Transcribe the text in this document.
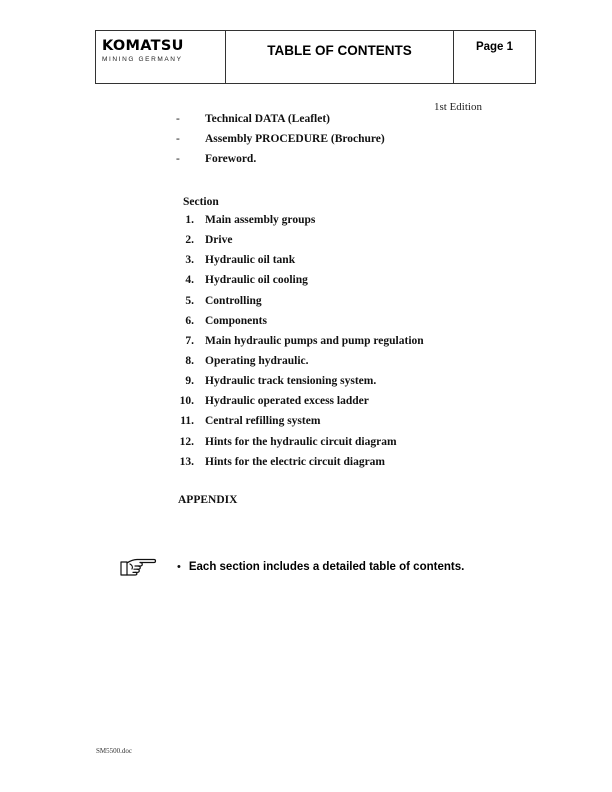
KOMATSU
MINING GERMANY
TABLE OF CONTENTS	Page 1
1st Edition
-	Technical DATA (Leaflet)
-	Assembly PROCEDURE (Brochure)
-	Foreword.
Section
1. Main assembly groups
2. Drive
3. Hydraulic oil tank
4. Hydraulic oil cooling
5. Controlling
6. Components
7. Main hydraulic pumps and pump regulation
8. Operating hydraulic.
9. Hydraulic track tensioning system.
10. Hydraulic operated excess ladder
11. Central refilling system
12. Hints for the hydraulic circuit diagram
13. Hints for the electric circuit diagram
APPENDIX
• Each section includes a detailed table of contents.
SM5500.doc
